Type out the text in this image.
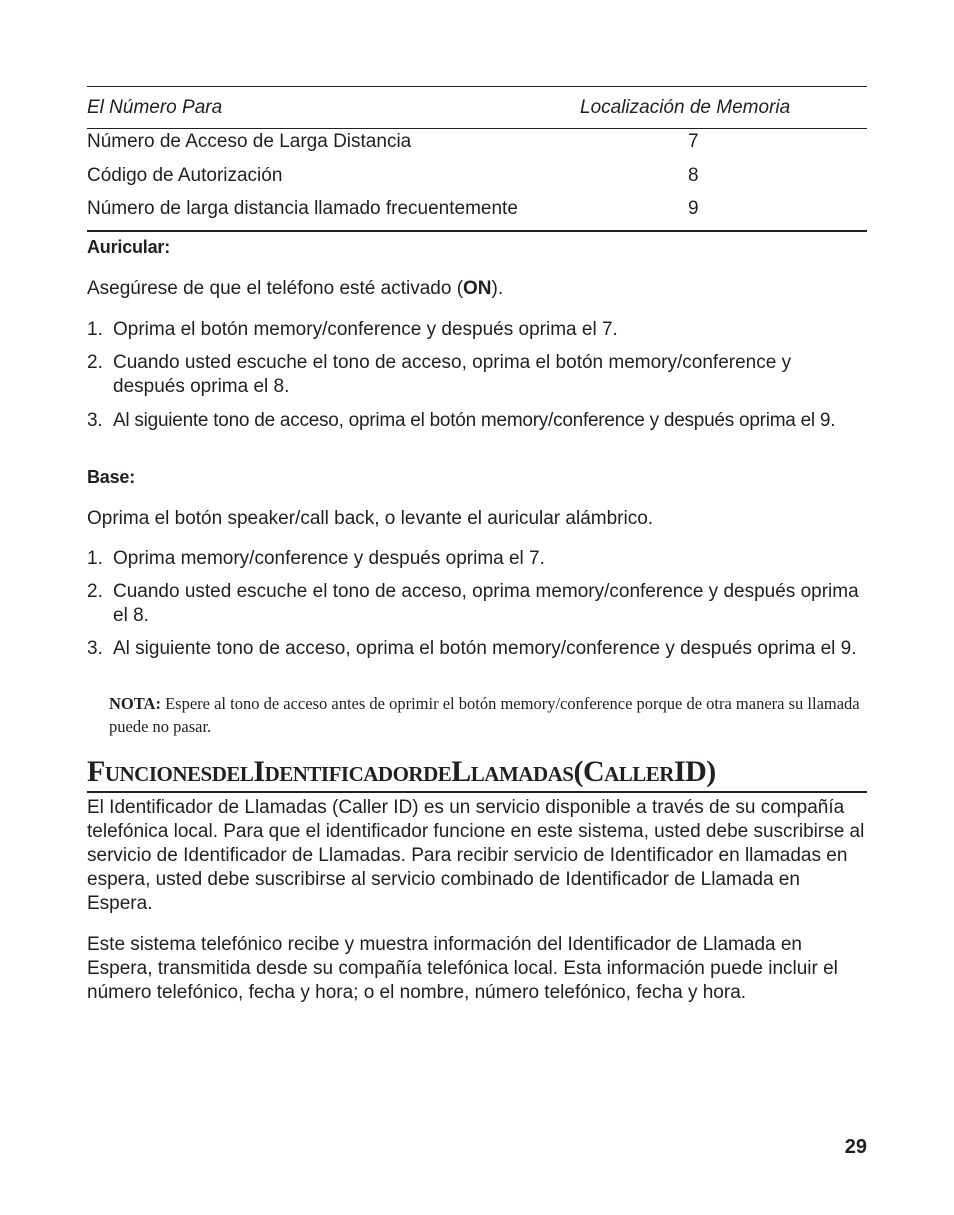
El Número Para	Localización de Memoria
Número de Acceso de Larga Distancia	7
Código de Autorización	8
Número de larga distancia llamado frecuentemente	9

Auricular:

Asegúrese de que el teléfono esté activado (ON).

1. Oprima el botón memory/conference y después oprima el 7.
2. Cuando usted escuche el tono de acceso, oprima el botón memory/conference y después oprima el 8.
3. Al siguiente tono de acceso, oprima el botón memory/conference y después oprima el 9.

Base:

Oprima el botón speaker/call back, o levante el auricular alámbrico.

1. Oprima memory/conference y después oprima el 7.
2. Cuando usted escuche el tono de acceso, oprima memory/conference y después oprima el 8.
3. Al siguiente tono de acceso, oprima el botón memory/conference y después oprima el 9.
NOTA: Espere al tono de acceso antes de oprimir el botón memory/conference porque de otra manera su llamada puede no pasar.
FUNCIONESDELIDENTIFICADORDELLAMADAS(CALLERID)

El Identificador de Llamadas (Caller ID) es un servicio disponible a través de su compañía telefónica local. Para que el identificador funcione en este sistema, usted debe suscribirse al servicio de Identificador de Llamadas. Para recibir servicio de Identificador en llamadas en espera, usted debe suscribirse al servicio combinado de Identificador de Llamada en Espera.

Este sistema telefónico recibe y muestra información del Identificador de Llamada en Espera, transmitida desde su compañía telefónica local. Esta información puede incluir el número telefónico, fecha y hora; o el nombre, número telefónico, fecha y hora.

29
